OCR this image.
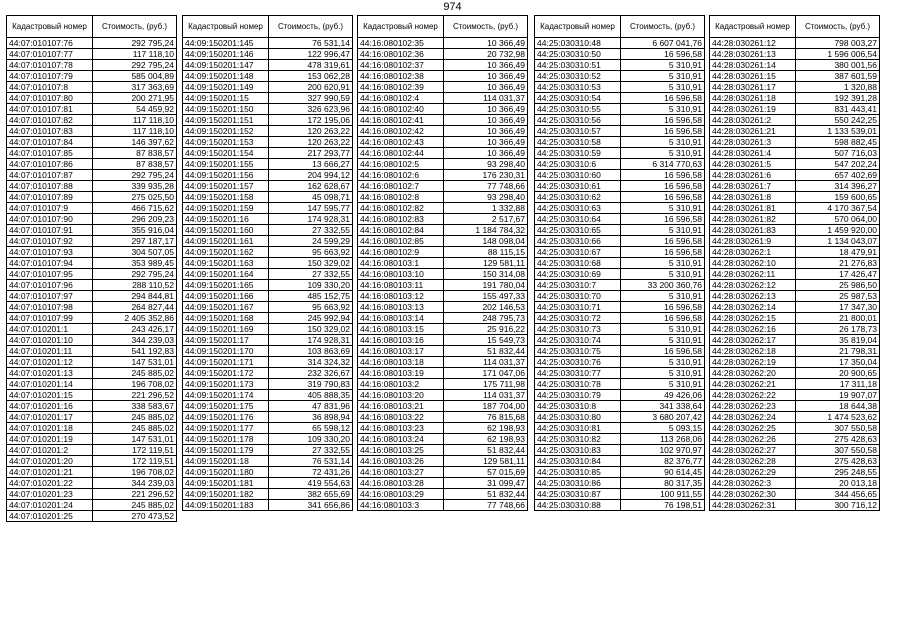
974
Кадастровый номер	Стоимость, (руб.)
44:07:010107:76	292 795,24
44:07:010107:77	117 118,10
44:07:010107:78	292 795,24
44:07:010107:79	585 004,89
44:07:010107:8	317 363,69
44:07:010107:80	200 271,95
44:07:010107:81	54 459,92
44:07:010107:82	117 118,10
44:07:010107:83	117 118,10
44:07:010107:84	146 397,62
44:07:010107:85	87 838,57
44:07:010107:86	87 838,57
44:07:010107:87	292 795,24
44:07:010107:88	339 935,28
44:07:010107:89	275 025,50
44:07:010107:9	466 715,62
44:07:010107:90	296 209,23
44:07:010107:91	355 916,04
44:07:010107:92	297 187,17
44:07:010107:93	304 507,05
44:07:010107:94	353 989,45
44:07:010107:95	292 795,24
44:07:010107:96	288 110,52
44:07:010107:97	294 844,81
44:07:010107:98	264 827,44
44:07:010107:99	2 405 352,86
44:07:010201:1	243 426,17
44:07:010201:10	344 239,03
44:07:010201:11	541 192,83
44:07:010201:12	147 531,01
44:07:010201:13	245 885,02
44:07:010201:14	196 708,02
44:07:010201:15	221 296,52
44:07:010201:16	338 583,67
44:07:010201:17	245 885,02
44:07:010201:18	245 885,02
44:07:010201:19	147 531,01
44:07:010201:2	172 119,51
44:07:010201:20	172 119,51
44:07:010201:21	196 708,02
44:07:010201:22	344 239,03
44:07:010201:23	221 296,52
44:07:010201:24	245 885,02
44:07:010201:25	270 473,52
Кадастровый номер	Стоимость, (руб.)
44:09:150201:145	76 531,14
44:09:150201:146	122 996,47
44:09:150201:147	478 319,61
44:09:150201:148	153 062,28
44:09:150201:149	200 620,91
44:09:150201:15	327 990,59
44:09:150201:150	326 623,96
44:09:150201:151	172 195,06
44:09:150201:152	120 263,22
44:09:150201:153	120 263,22
44:09:150201:154	217 293,77
44:09:150201:155	13 666,27
44:09:150201:156	204 994,12
44:09:150201:157	162 628,67
44:09:150201:158	45 098,71
44:09:150201:159	147 595,77
44:09:150201:16	174 928,31
44:09:150201:160	27 332,55
44:09:150201:161	24 599,29
44:09:150201:162	95 663,92
44:09:150201:163	150 329,02
44:09:150201:164	27 332,55
44:09:150201:165	109 330,20
44:09:150201:166	485 152,75
44:09:150201:167	95 663,92
44:09:150201:168	245 992,94
44:09:150201:169	150 329,02
44:09:150201:17	174 928,31
44:09:150201:170	103 863,69
44:09:150201:171	314 324,32
44:09:150201:172	232 326,67
44:09:150201:173	319 790,83
44:09:150201:174	405 888,35
44:09:150201:175	47 831,96
44:09:150201:176	36 898,94
44:09:150201:177	65 598,12
44:09:150201:178	109 330,20
44:09:150201:179	27 332,55
44:09:150201:18	76 531,14
44:09:150201:180	72 431,26
44:09:150201:181	419 554,63
44:09:150201:182	382 655,69
44:09:150201:183	341 656,86
Кадастровый номер	Стоимость, (руб.)
44:16:080102:35	10 366,49
44:16:080102:36	20 732,98
44:16:080102:37	10 366,49
44:16:080102:38	10 366,49
44:16:080102:39	10 366,49
44:16:080102:4	114 031,37
44:16:080102:40	10 366,49
44:16:080102:41	10 366,49
44:16:080102:42	10 366,49
44:16:080102:43	10 366,49
44:16:080102:44	10 366,49
44:16:080102:5	93 298,40
44:16:080102:6	176 230,31
44:16:080102:7	77 748,66
44:16:080102:8	93 298,40
44:16:080102:82	1 332,88
44:16:080102:83	2 517,67
44:16:080102:84	1 184 784,32
44:16:080102:85	148 098,04
44:16:080102:9	88 115,15
44:16:080103:1	129 581,11
44:16:080103:10	150 314,08
44:16:080103:11	191 780,04
44:16:080103:12	155 497,33
44:16:080103:13	202 146,53
44:16:080103:14	248 795,73
44:16:080103:15	25 916,22
44:16:080103:16	15 549,73
44:16:080103:17	51 832,44
44:16:080103:18	114 031,37
44:16:080103:19	171 047,06
44:16:080103:2	175 711,98
44:16:080103:20	114 031,37
44:16:080103:21	187 704,00
44:16:080103:22	76 815,68
44:16:080103:23	62 198,93
44:16:080103:24	62 198,93
44:16:080103:25	51 832,44
44:16:080103:26	129 581,11
44:16:080103:27	57 015,69
44:16:080103:28	31 099,47
44:16:080103:29	51 832,44
44:16:080103:3	77 748,66
Кадастровый номер	Стоимость, (руб.)
44:25:030310:48	6 607 041,76
44:25:030310:50	16 596,58
44:25:030310:51	5 310,91
44:25:030310:52	5 310,91
44:25:030310:53	5 310,91
44:25:030310:54	16 596,58
44:25:030310:55	5 310,91
44:25:030310:56	16 596,58
44:25:030310:57	16 596,58
44:25:030310:58	5 310,91
44:25:030310:59	5 310,91
44:25:030310:6	6 314 770,63
44:25:030310:60	16 596,58
44:25:030310:61	16 596,58
44:25:030310:62	16 596,58
44:25:030310:63	5 310,91
44:25:030310:64	16 596,58
44:25:030310:65	5 310,91
44:25:030310:66	16 596,58
44:25:030310:67	16 596,58
44:25:030310:68	5 310,91
44:25:030310:69	5 310,91
44:25:030310:7	33 200 360,76
44:25:030310:70	5 310,91
44:25:030310:71	16 596,58
44:25:030310:72	16 596,58
44:25:030310:73	5 310,91
44:25:030310:74	5 310,91
44:25:030310:75	16 596,58
44:25:030310:76	5 310,91
44:25:030310:77	5 310,91
44:25:030310:78	5 310,91
44:25:030310:79	49 426,06
44:25:030310:8	341 338,64
44:25:030310:80	3 680 207,42
44:25:030310:81	5 093,15
44:25:030310:82	113 268,06
44:25:030310:83	102 970,97
44:25:030310:84	82 376,77
44:25:030310:85	90 614,45
44:25:030310:86	80 317,35
44:25:030310:87	100 911,55
44:25:030310:88	76 198,51
Кадастровый номер	Стоимость, (руб.)
44:28:030261:12	798 003,27
44:28:030261:13	1 596 006,54
44:28:030261:14	380 001,56
44:28:030261:15	387 601,59
44:28:030261:17	1 320,88
44:28:030261:18	192 391,28
44:28:030261:19	831 443,41
44:28:030261:2	550 242,25
44:28:030261:21	1 133 539,01
44:28:030261:3	598 882,45
44:28:030261:4	507 716,03
44:28:030261:5	547 202,24
44:28:030261:6	657 402,69
44:28:030261:7	314 396,27
44:28:030261:8	159 600,65
44:28:030261:81	4 170 367,54
44:28:030261:82	570 064,00
44:28:030261:83	1 459 920,00
44:28:030261:9	1 134 043,07
44:28:030262:1	18 479,91
44:28:030262:10	21 276,83
44:28:030262:11	17 426,47
44:28:030262:12	25 986,50
44:28:030262:13	25 987,53
44:28:030262:14	17 347,30
44:28:030262:15	21 800,01
44:28:030262:16	26 178,73
44:28:030262:17	35 819,04
44:28:030262:18	21 798,31
44:28:030262:19	17 350,04
44:28:030262:20	20 900,65
44:28:030262:21	17 311,18
44:28:030262:22	19 907,07
44:28:030262:23	18 644,38
44:28:030262:24	1 474 523,62
44:28:030262:25	307 550,58
44:28:030262:26	275 428,63
44:28:030262:27	307 550,58
44:28:030262:28	275 428,63
44:28:030262:29	295 248,55
44:28:030262:3	20 013,18
44:28:030262:30	344 456,65
44:28:030262:31	300 716,12
